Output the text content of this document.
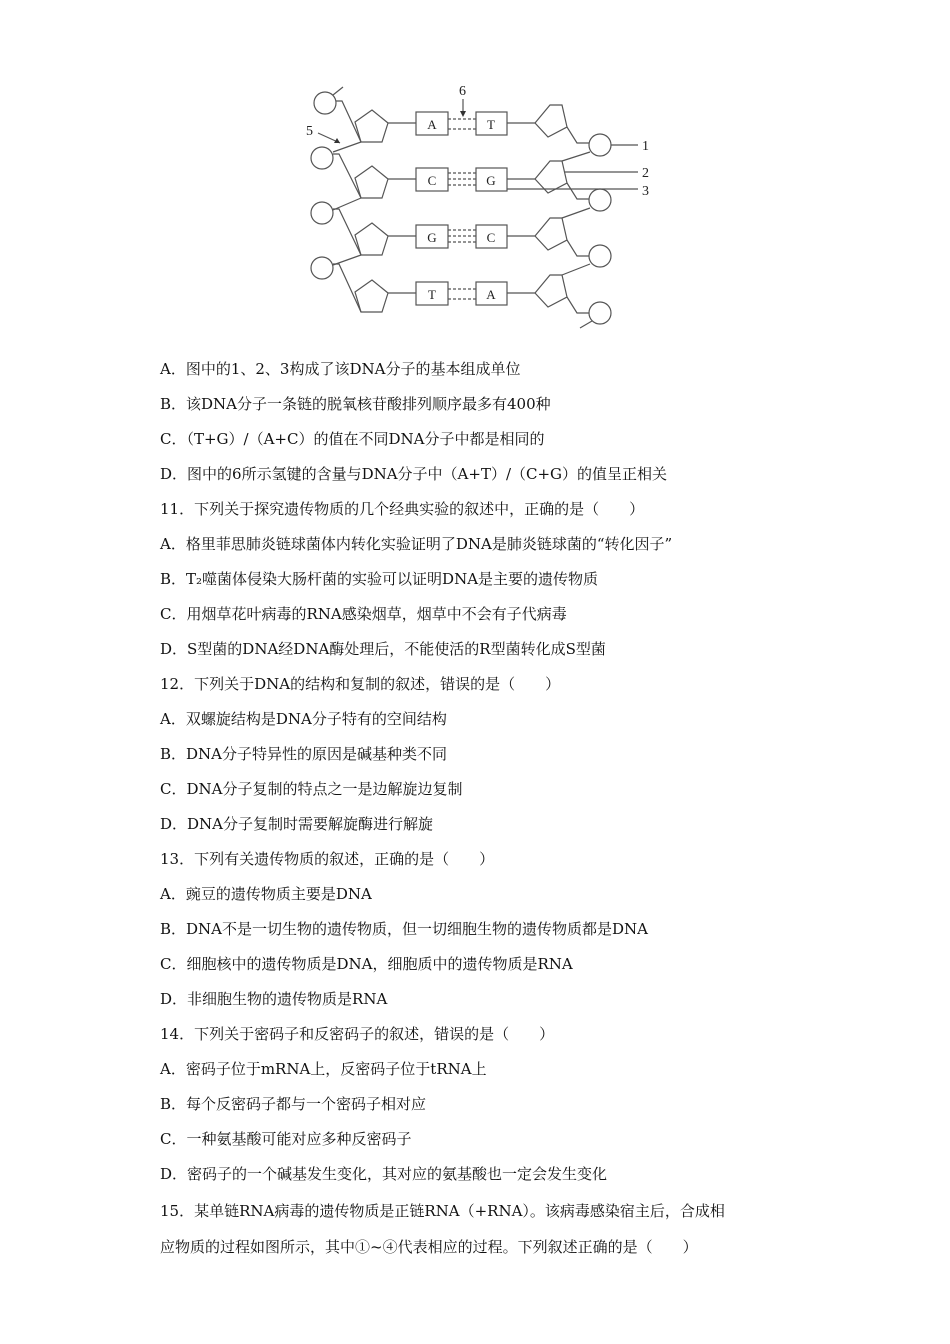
A	T
C	G
G	C
T	A
1
2
3
5
6
A．图中的1、2、3构成了该DNA分子的基本组成单位
B．该DNA分子一条链的脱氧核苷酸排列顺序最多有400种
C．（T+G）/（A+C）的值在不同DNA分子中都是相同的
D．图中的6所示氢键的含量与DNA分子中（A+T）/（C+G）的值呈正相关
11．下列关于探究遗传物质的几个经典实验的叙述中，正确的是（　　）
A．格里菲思肺炎链球菌体内转化实验证明了DNA是肺炎链球菌的“转化因子”
B．T₂噬菌体侵染大肠杆菌的实验可以证明DNA是主要的遗传物质
C．用烟草花叶病毒的RNA感染烟草，烟草中不会有子代病毒
D．S型菌的DNA经DNA酶处理后，不能使活的R型菌转化成S型菌
12．下列关于DNA的结构和复制的叙述，错误的是（　　）
A．双螺旋结构是DNA分子特有的空间结构
B．DNA分子特异性的原因是碱基种类不同
C．DNA分子复制的特点之一是边解旋边复制
D．DNA分子复制时需要解旋酶进行解旋
13．下列有关遗传物质的叙述，正确的是（　　）
A．豌豆的遗传物质主要是DNA
B．DNA不是一切生物的遗传物质，但一切细胞生物的遗传物质都是DNA
C．细胞核中的遗传物质是DNA，细胞质中的遗传物质是RNA
D．非细胞生物的遗传物质是RNA
14．下列关于密码子和反密码子的叙述，错误的是（　　）
A．密码子位于mRNA上，反密码子位于tRNA上
B．每个反密码子都与一个密码子相对应
C．一种氨基酸可能对应多种反密码子
D．密码子的一个碱基发生变化，其对应的氨基酸也一定会发生变化
15．某单链RNA病毒的遗传物质是正链RNA（+RNA）。该病毒感染宿主后，合成相
应物质的过程如图所示，其中①~④代表相应的过程。下列叙述正确的是（　　）
